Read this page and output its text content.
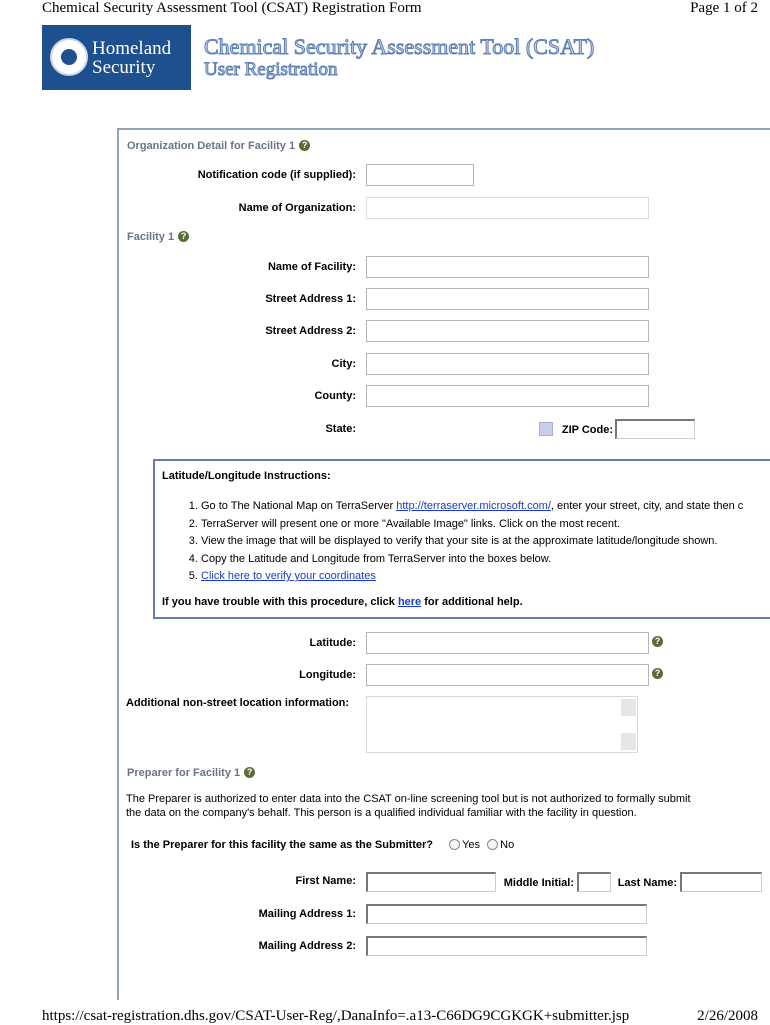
Chemical Security Assessment Tool (CSAT) Registration Form	Page 1 of 2
Homeland
Security
Chemical Security Assessment Tool (CSAT)
User Registration
Organization Detail for Facility 1 ?
Notification code (if supplied):
Name of Organization:
Facility 1 ?
Name of Facility:
Street Address 1:
Street Address 2:
City:
County:
State:	ZIP Code:
Latitude/Longitude Instructions:
1. Go to The National Map on TerraServer http://terraserver.microsoft.com/, enter your street, city, and state then c
2. TerraServer will present one or more "Available Image" links. Click on the most recent.
3. View the image that will be displayed to verify that your site is at the approximate latitude/longitude shown.
4. Copy the Latitude and Longitude from TerraServer into the boxes below.
5. Click here to verify your coordinates
If you have trouble with this procedure, click here for additional help.
Latitude:	?
Longitude:	?
Additional non-street location information:
Preparer for Facility 1 ?
The Preparer is authorized to enter data into the CSAT on-line screening tool but is not authorized to formally submit
the data on the company's behalf. This person is a qualified individual familiar with the facility in question.
Is the Preparer for this facility the same as the Submitter?	Yes No
First Name:	Middle Initial:	Last Name:
Mailing Address 1:
Mailing Address 2:
https://csat-registration.dhs.gov/CSAT-User-Reg/,DanaInfo=.a13-C66DG9CGKGK+submitter.jsp	2/26/2008
